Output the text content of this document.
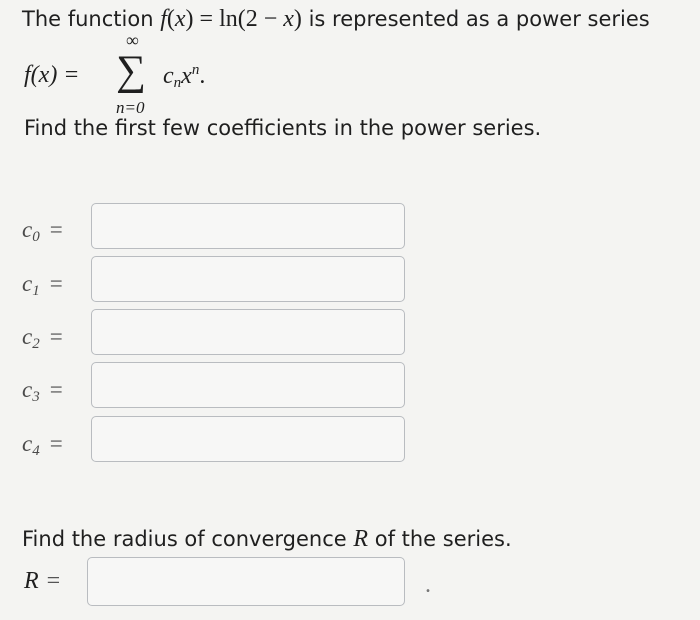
The function f(x) = ln(2 − x) is represented as a power series
f(x) =
∞
∑
n=0
cnxn.
Find the first few coefficients in the power series.
$c_0$ =
$c_1$ =
$c_2$ =
$c_3$ =
$c_4$ =
Find the radius of convergence R of the series.
R =	.
